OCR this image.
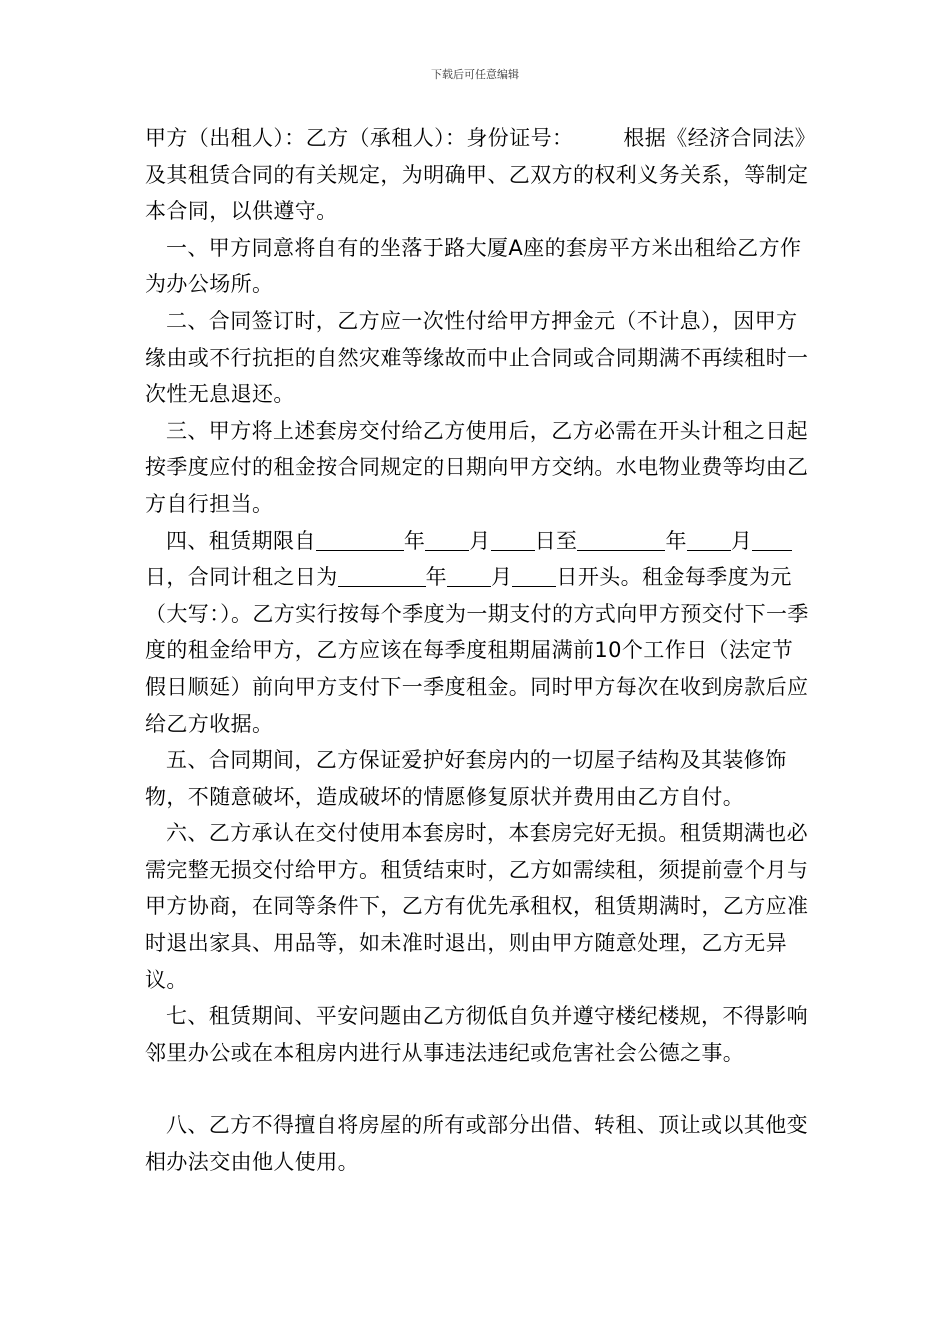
下载后可任意编辑

甲方（出租人）：乙方（承租人）：身份证号： 根据《经济合同法》及其租赁合同的有关规定，为明确甲、乙双方的权利义务关系，等制定本合同，以供遵守。

一、甲方同意将自有的坐落于路大厦A座的套房平方米出租给乙方作为办公场所。

二、合同签订时，乙方应一次性付给甲方押金元（不计息），因甲方缘由或不行抗拒的自然灾难等缘故而中止合同或合同期满不再续租时一次性无息退还。

三、甲方将上述套房交付给乙方使用后，乙方必需在开头计租之日起按季度应付的租金按合同规定的日期向甲方交纳。水电物业费等均由乙方自行担当。

四、租赁期限自	年 月 日至	年 月日，合同计租之日为	年 月 日开头。租金每季度为元（大写：）。乙方实行按每个季度为一期支付的方式向甲方预交付下一季度的租金给甲方，乙方应该在每季度租期届满前10个工作日（法定节假日顺延）前向甲方支付下一季度租金。同时甲方每次在收到房款后应给乙方收据。

五、合同期间，乙方保证爱护好套房内的一切屋子结构及其装修饰物，不随意破坏，造成破坏的情愿修复原状并费用由乙方自付。

六、乙方承认在交付使用本套房时，本套房完好无损。租赁期满也必需完整无损交付给甲方。租赁结束时，乙方如需续租，须提前壹个月与甲方协商，在同等条件下，乙方有优先承租权，租赁期满时，乙方应准时退出家具、用品等，如未准时退出，则由甲方随意处理，乙方无异议。

七、租赁期间、平安问题由乙方彻低自负并遵守楼纪楼规，不得影响邻里办公或在本租房内进行从事违法违纪或危害社会公德之事。

八、乙方不得擅自将房屋的所有或部分出借、转租、顶让或以其他变相办法交由他人使用。
